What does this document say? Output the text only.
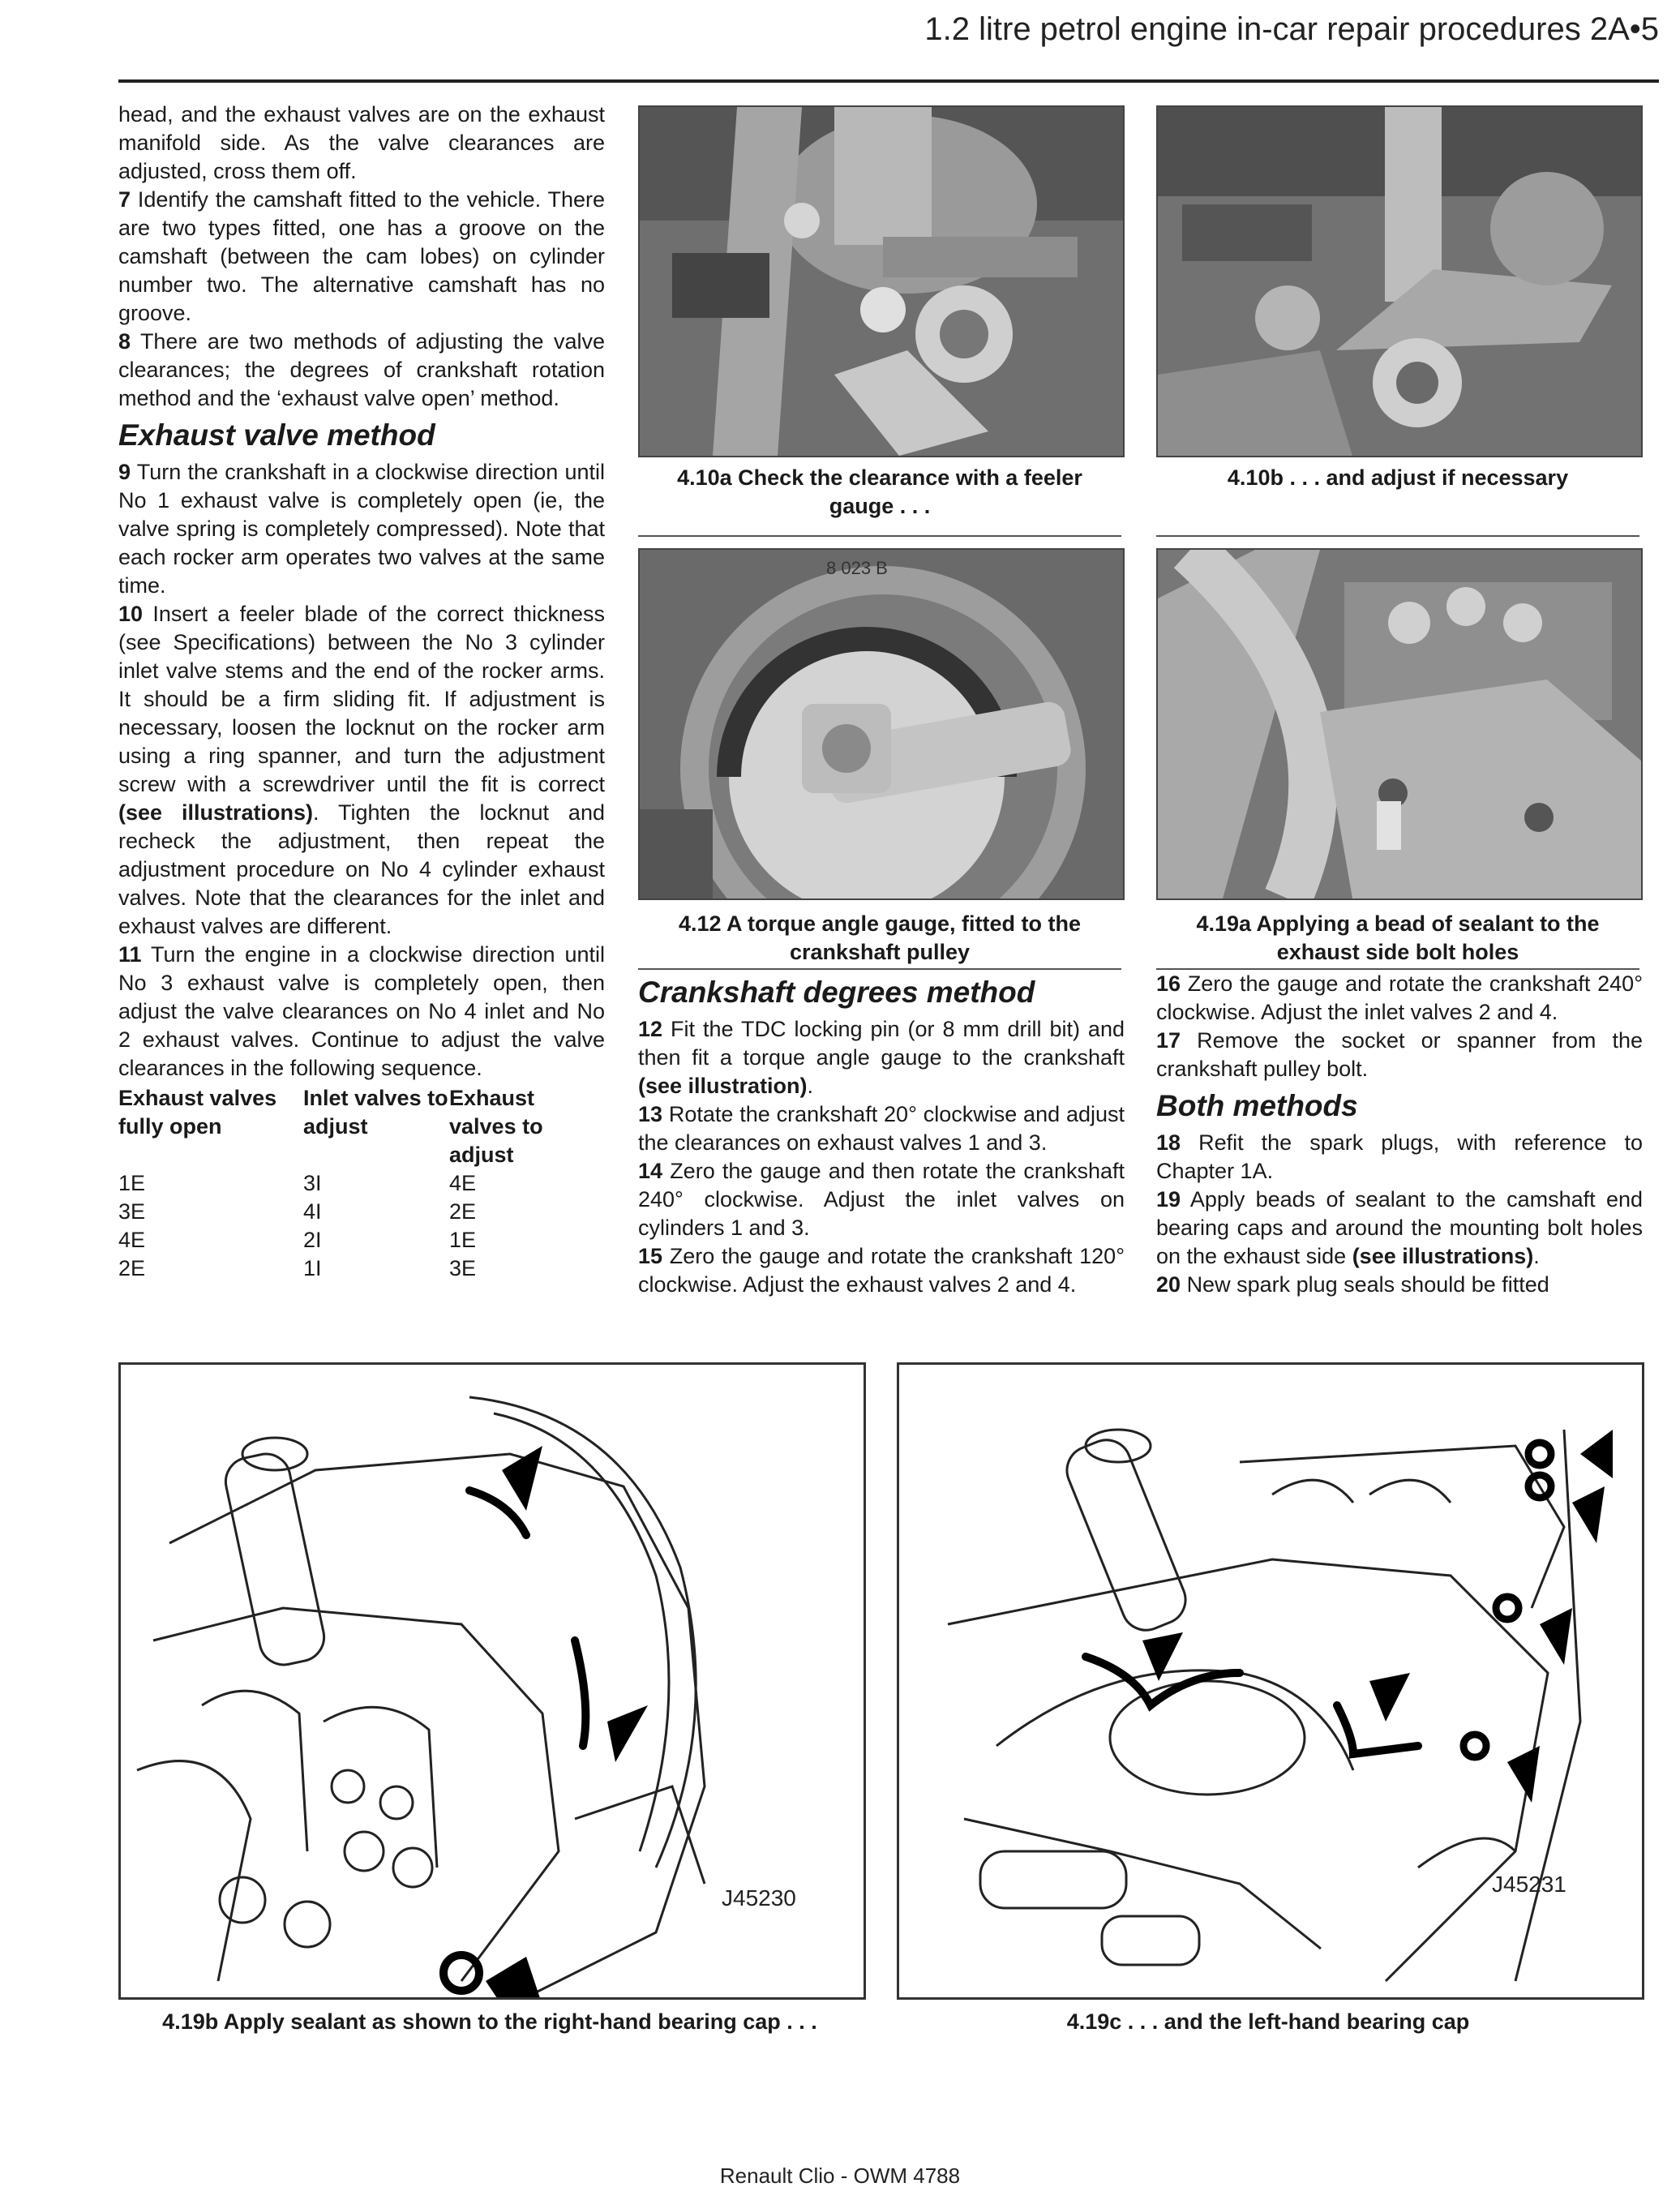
1.2 litre petrol engine in-car repair procedures 2A•5

head, and the exhaust valves are on the exhaust manifold side. As the valve clearances are adjusted, cross them off.

7 Identify the camshaft fitted to the vehicle. There are two types fitted, one has a groove on the camshaft (between the cam lobes) on cylinder number two. The alternative camshaft has no groove.

8 There are two methods of adjusting the valve clearances; the degrees of crankshaft rotation method and the ‘exhaust valve open’ method.

Exhaust valve method

9 Turn the crankshaft in a clockwise direction until No 1 exhaust valve is completely open (ie, the valve spring is completely compressed). Note that each rocker arm operates two valves at the same time.

10 Insert a feeler blade of the correct thickness (see Specifications) between the No 3 cylinder inlet valve stems and the end of the rocker arms. It should be a firm sliding fit. If adjustment is necessary, loosen the locknut on the rocker arm using a ring spanner, and turn the adjustment screw with a screwdriver until the fit is correct (see illustrations). Tighten the locknut and recheck the adjustment, then repeat the adjustment procedure on No 4 cylinder exhaust valves. Note that the clearances for the inlet and exhaust valves are different.

11 Turn the engine in a clockwise direction until No 3 exhaust valve is completely open, then adjust the valve clearances on No 4 inlet and No 2 exhaust valves. Continue to adjust the valve clearances in the following sequence.

Exhaust valves fully open	Inlet valves to adjust	Exhaust valves to adjust
1E	3I	4E
3E	4I	2E
4E	2I	1E
2E	1I	3E
4.10a Check the clearance with a feeler gauge . . .
4.10b . . . and adjust if necessary
8 023 B
4.12 A torque angle gauge, fitted to the crankshaft pulley
4.19a Applying a bead of sealant to the exhaust side bolt holes

Crankshaft degrees method

12 Fit the TDC locking pin (or 8 mm drill bit) and then fit a torque angle gauge to the crankshaft (see illustration).

13 Rotate the crankshaft 20° clockwise and adjust the clearances on exhaust valves 1 and 3.

14 Zero the gauge and then rotate the crankshaft 240° clockwise. Adjust the inlet valves on cylinders 1 and 3.

15 Zero the gauge and rotate the crankshaft 120° clockwise. Adjust the exhaust valves 2 and 4.

16 Zero the gauge and rotate the crankshaft 240° clockwise. Adjust the inlet valves 2 and 4.

17 Remove the socket or spanner from the crankshaft pulley bolt.

Both methods

18 Refit the spark plugs, with reference to Chapter 1A.

19 Apply beads of sealant to the camshaft end bearing caps and around the mounting bolt holes on the exhaust side (see illustrations).

20 New spark plug seals should be fitted

J45230
4.19b Apply sealant as shown to the right-hand bearing cap . . .
J45231
4.19c . . . and the left-hand bearing cap
Renault Clio - OWM 4788
